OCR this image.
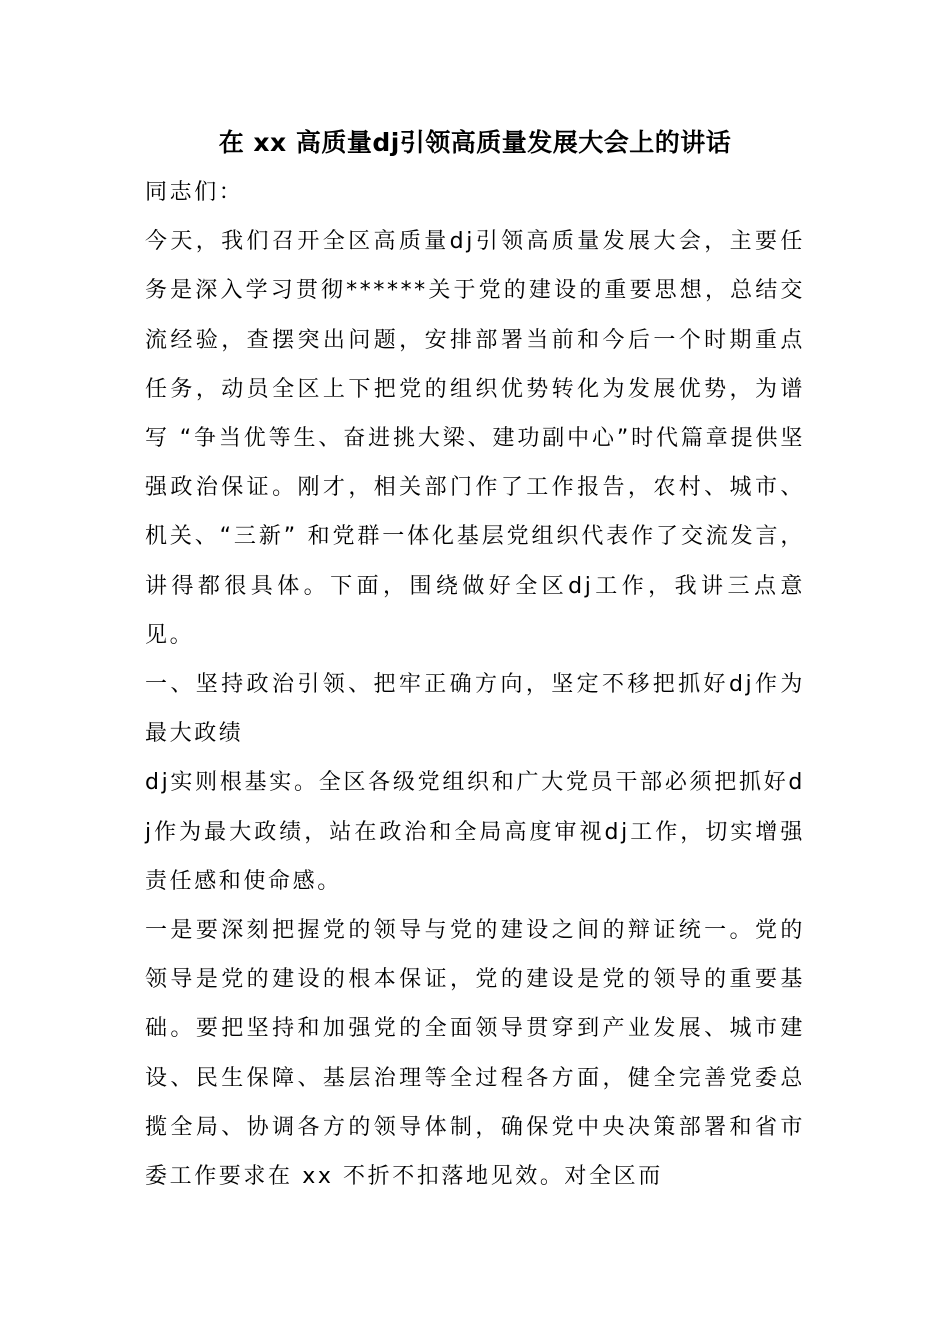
在 xx 高质量dj引领高质量发展大会上的讲话

同志们：

今天，我们召开全区高质量dj引领高质量发展大会，主要任务是深入学习贯彻******关于党的建设的重要思想，总结交流经验，查摆突出问题，安排部署当前和今后一个时期重点任务，动员全区上下把党的组织优势转化为发展优势，为谱写 “争当优等生、奋进挑大梁、建功副中心”时代篇章提供坚强政治保证。刚才，相关部门作了工作报告，农村、城市、机关、“三新” 和党群一体化基层党组织代表作了交流发言，讲得都很具体。下面，围绕做好全区dj工作，我讲三点意见。

一、坚持政治引领、把牢正确方向，坚定不移把抓好dj作为最大政绩

dj实则根基实。全区各级党组织和广大党员干部必须把抓好dj作为最大政绩，站在政治和全局高度审视dj工作，切实增强责任感和使命感。

一是要深刻把握党的领导与党的建设之间的辩证统一。党的领导是党的建设的根本保证，党的建设是党的领导的重要基础。要把坚持和加强党的全面领导贯穿到产业发展、城市建设、民生保障、基层治理等全过程各方面，健全完善党委总揽全局、协调各方的领导体制，确保党中央决策部署和省市委工作要求在 xx 不折不扣落地见效。对全区而
